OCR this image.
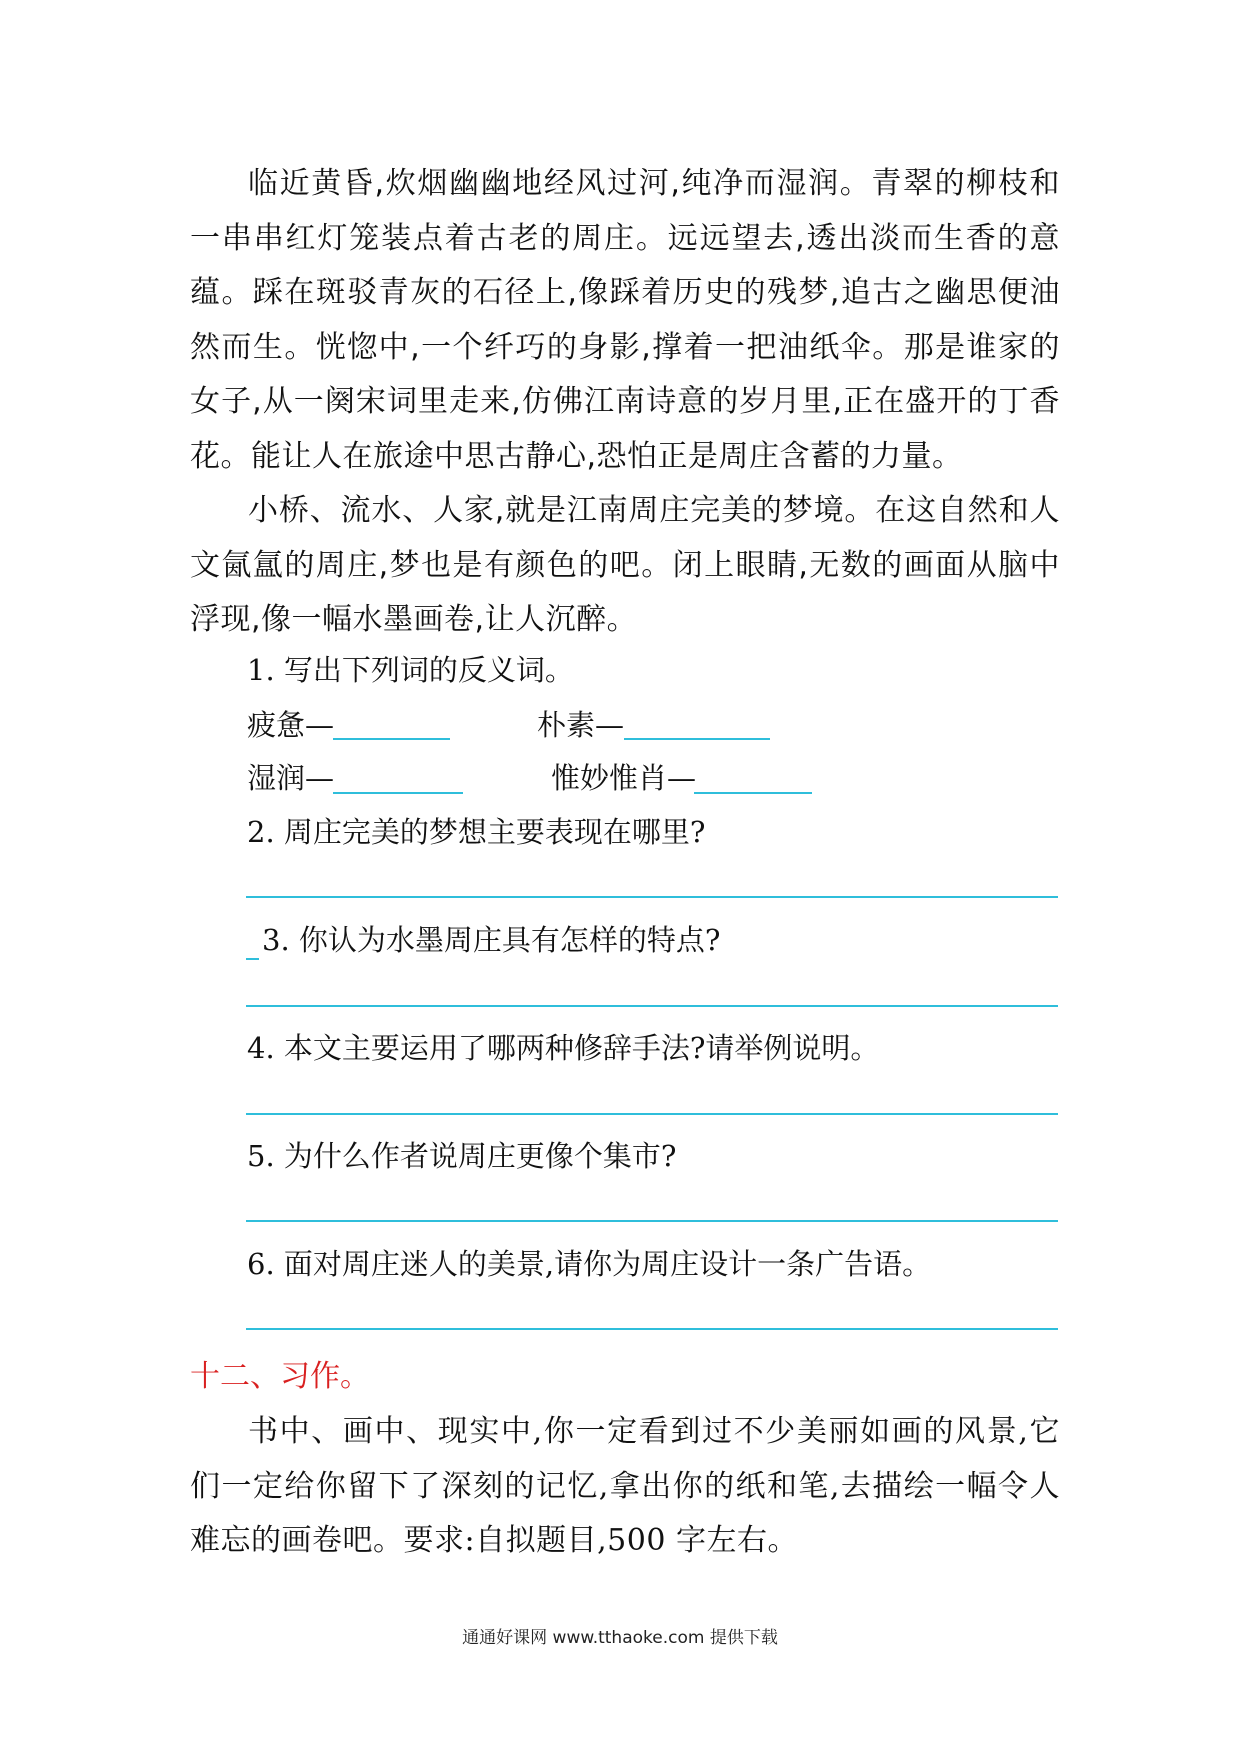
临近黄昏,炊烟幽幽地经风过河,纯净而湿润。青翠的柳枝和一串串红灯笼装点着古老的周庄。远远望去,透出淡而生香的意蕴。踩在斑驳青灰的石径上,像踩着历史的残梦,追古之幽思便油然而生。恍惚中,一个纤巧的身影,撑着一把油纸伞。那是谁家的女子,从一阕宋词里走来,仿佛江南诗意的岁月里,正在盛开的丁香花。能让人在旅途中思古静心,恐怕正是周庄含蓄的力量。

小桥、流水、人家,就是江南周庄完美的梦境。在这自然和人文氤氲的周庄,梦也是有颜色的吧。闭上眼睛,无数的画面从脑中浮现,像一幅水墨画卷,让人沉醉。

1. 写出下列词的反义词。
疲惫—	朴素—
湿润—	惟妙惟肖—
2. 周庄完美的梦想主要表现在哪里?
3. 你认为水墨周庄具有怎样的特点?
4. 本文主要运用了哪两种修辞手法?请举例说明。
5. 为什么作者说周庄更像个集市?
6. 面对周庄迷人的美景,请你为周庄设计一条广告语。
十二、习作。

书中、画中、现实中,你一定看到过不少美丽如画的风景,它们一定给你留下了深刻的记忆,拿出你的纸和笔,去描绘一幅令人难忘的画卷吧。要求:自拟题目,500 字左右。

通通好课网 www.tthaoke.com 提供下载
